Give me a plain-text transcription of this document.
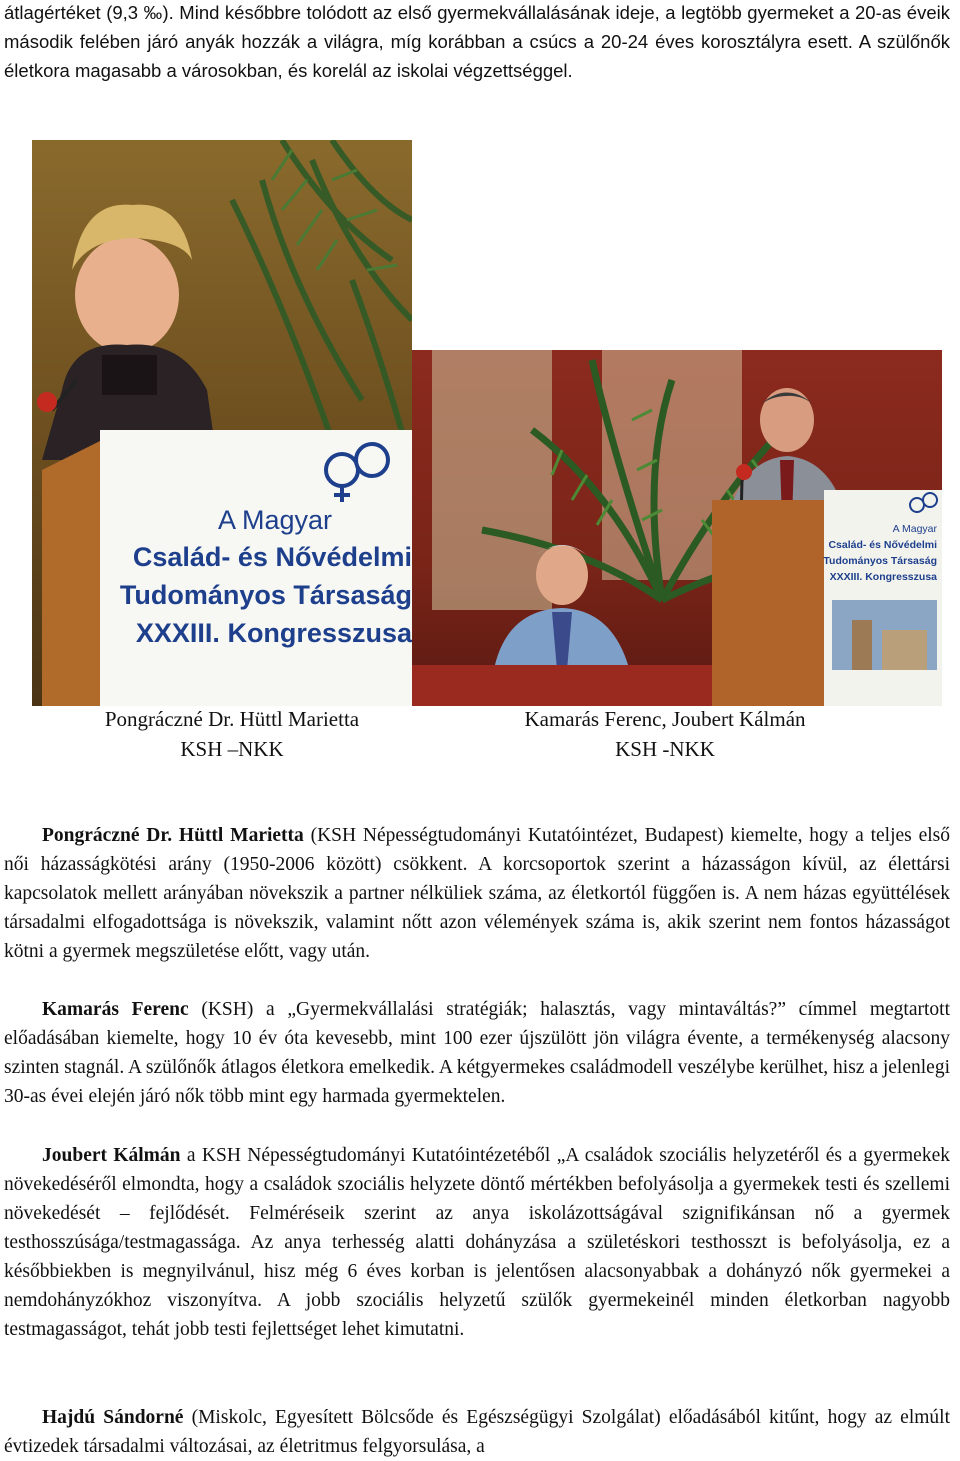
átlagértéket (9,3 ‰). Mind későbbre tolódott az első gyermekvállalásának ideje, a legtöbb gyermeket a 20-as éveik második felében járó anyák hozzák a világra, míg korábban a csúcs a 20-24 éves korosztályra esett. A szülőnők életkora magasabb a városokban, és korelál az iskolai végzettséggel.

A Magyar
Család- és Nővédelmi
Tudományos Társaság
XXXIII. Kongresszusa
A Magyar
Család- és Nővédelmi
Tudományos Társaság
XXXIII. Kongresszusa
Pongráczné Dr. Hüttl Marietta
KSH –NKK
Kamarás Ferenc, Joubert Kálmán
KSH -NKK

Pongráczné Dr. Hüttl Marietta (KSH Népességtudományi Kutatóintézet, Budapest) kiemelte, hogy a teljes első női házasságkötési arány (1950-2006 között) csökkent. A korcsoportok szerint a házasságon kívül, az élettársi kapcsolatok mellett arányában növekszik a partner nélküliek száma, az életkortól függően is. A nem házas együttélések társadalmi elfogadottsága is növekszik, valamint nőtt azon vélemények száma is, akik szerint nem fontos házasságot kötni a gyermek megszületése előtt, vagy után.

Kamarás Ferenc (KSH) a „Gyermekvállalási stratégiák; halasztás, vagy mintaváltás?” címmel megtartott előadásában kiemelte, hogy 10 év óta kevesebb, mint 100 ezer újszülött jön világra évente, a termékenység alacsony szinten stagnál. A szülőnők átlagos életkora emelkedik. A kétgyermekes családmodell veszélybe kerülhet, hisz a jelenlegi 30-as évei elején járó nők több mint egy harmada gyermektelen.

Joubert Kálmán a KSH Népességtudományi Kutatóintézetéből „A családok szociális helyzetéről és a gyermekek növekedéséről elmondta, hogy a családok szociális helyzete döntő mértékben befolyásolja a gyermekek testi és szellemi növekedését – fejlődését. Felméréseik szerint az anya iskolázottságával szignifikánsan nő a gyermek testhosszúsága/testmagassága. Az anya terhesség alatti dohányzása a születéskori testhosszt is befolyásolja, ez a későbbiekben is megnyilvánul, hisz még 6 éves korban is jelentősen alacsonyabbak a dohányzó nők gyermekei a nemdohányzókhoz viszonyítva. A jobb szociális helyzetű szülők gyermekeinél minden életkorban nagyobb testmagasságot, tehát jobb testi fejlettséget lehet kimutatni.

Hajdú Sándorné (Miskolc, Egyesített Bölcsőde és Egészségügyi Szolgálat) előadásából kitűnt, hogy az elmúlt évtizedek társadalmi változásai, az életritmus felgyorsulása, a
